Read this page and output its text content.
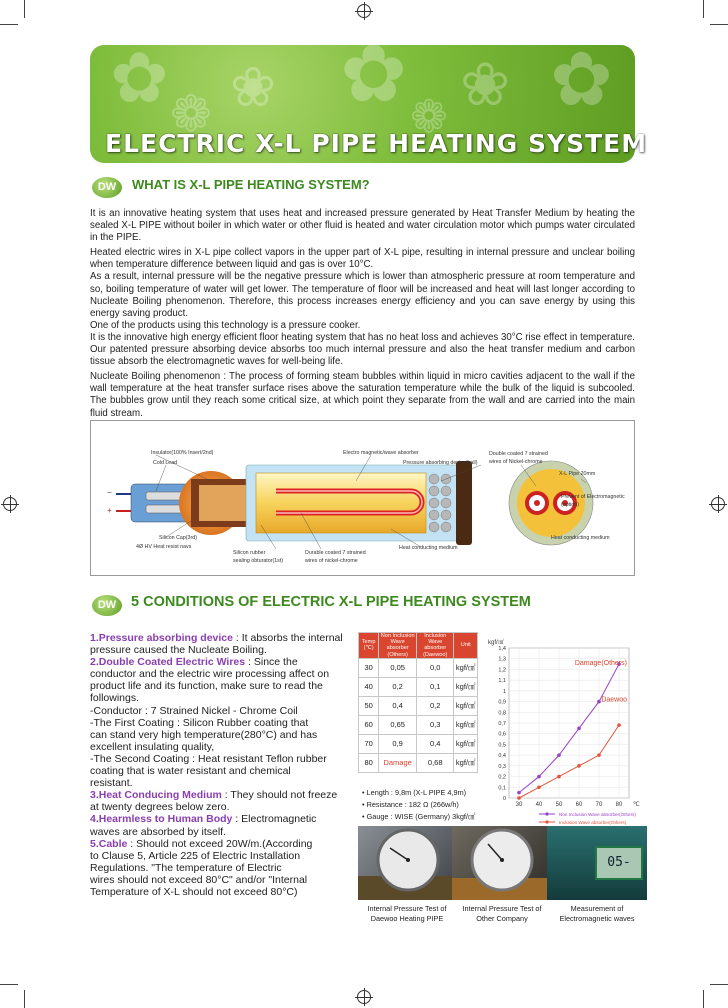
✿ ❀ ✿ ❀ ✿
❁	❁
ELECTRIC X-L PIPE HEATING SYSTEM
DW	WHAT IS X-L PIPE HEATING SYSTEM?

It is an innovative heating system that uses heat and increased pressure generated by Heat Transfer Medium by heating the sealed X-L PIPE without boiler in which water or other fluid is heated and water circulation motor which pumps water circulated in the PIPE.

Heated electric wires in X-L pipe collect vapors in the upper part of X-L pipe, resulting in internal pressure and unclear boiling when temperature difference between liquid and gas is over 10°C.

As a result, internal pressure will be the negative pressure which is lower than atmospheric pressure at room temperature and so, boiling temperature of water will get lower. The temperature of floor will be increased and heat will last longer according to Nucleate Boiling phenomenon. Therefore, this process increases energy efficiency and you can save energy by using this energy saving product.

One of the products using this technology is a pressure cooker.

It is the innovative high energy efficient floor heating system that has no heat loss and achieves 30°C rise effect in temperature. Our patented pressure absorbing device absorbs too much internal pressure and also the heat transfer medium and carbon tissue absorb the electromagnetic waves for well-being life.

Nucleate Boiling phenomenon : The process of forming steam bubbles within liquid in micro cavities adjacent to the wall if the wall temperature at the heat transfer surface rises above the saturation temperature while the bulk of the liquid is subcooled. The bubbles grow until they reach some critical size, at which point they separate from the wall and are carried into the main fluid stream.

Insulator(100% Insert/2nd)
Cold Lead
Electro magnetic/wave absorber
Pressure absorbing device(ball)
Double coated 7 strained
wires of Nickel-chrome
X-L Pipe 20mm
Prevent of Electromagnetic
(option)
Heat conducting medium
Silicon Cap(3rd)
4Ø HV Heat resist navs
Silicon rubber
sealing obturator(1st)
Durable coated 7 strained
wires of nickel-chrome
Heat conducting medium
−
+
DW	5 CONDITIONS OF ELECTRIC X-L PIPE HEATING SYSTEM
1.Pressure absorbing device : It absorbs the internal
pressure caused the Nucleate Boiling.
2.Double Coated Electric Wires : Since the
conductor and the electric wire processing affect on
product life and its function, make sure to read the
followings.
-Conductor : 7 Strained Nickel - Chrome Coil
-The First Coating : Silicon Rubber coating that
can stand very high temperature(280°C) and has
excellent insulating quality,
-The Second Coating : Heat resistant Teflon rubber
coating that is water resistant and chemical
resistant.
3.Heat Conducing Medium : They should not freeze
at twenty degrees below zero.
4.Hearmless to Human Body : Electromagnetic
waves are absorbed by itself.
5.Cable : Should not exceed 20W/m.(According
to Clause 5, Article 225 of Electric Installation
Regulations. "The temperature of Electric
wires should not exceed 80°C" and/or "Internal
Temperature of X-L should not exceed 80°C)
Temp (℃)	Non Inclusion Wave absorber (Others)	Inclusion Wave absorber (Daewoo)	Unit
30	0,05	0,0	kgf/㎠
40	0,2	0,1	kgf/㎠
50	0,4	0,2	kgf/㎠
60	0,65	0,3	kgf/㎠
70	0,9	0,4	kgf/㎠
80	Damage	0,68	kgf/㎠
• Length : 9,8m (X-L PIPE 4,9m)
• Resistance : 182 Ω (266w/h)
• Gauge : WISE (Germany) 3kgf/㎠
0
0,1
0,2
0,3
0,4
0,5
0,6
0,7
0,8
0,9
1
1,1
1,2
1,3
1,4
30 40 50 60 70 80
kgf/㎠
℃
Non Inclusion Wave absorber(Others)
Inclusion Wave absorber(Others)
Damage(Others)
Daewoo
05-
Internal Pressure Test of
Daewoo Heating PIPE
Internal Pressure Test of
Other Company
Measurement of
Electromagnetic waves
